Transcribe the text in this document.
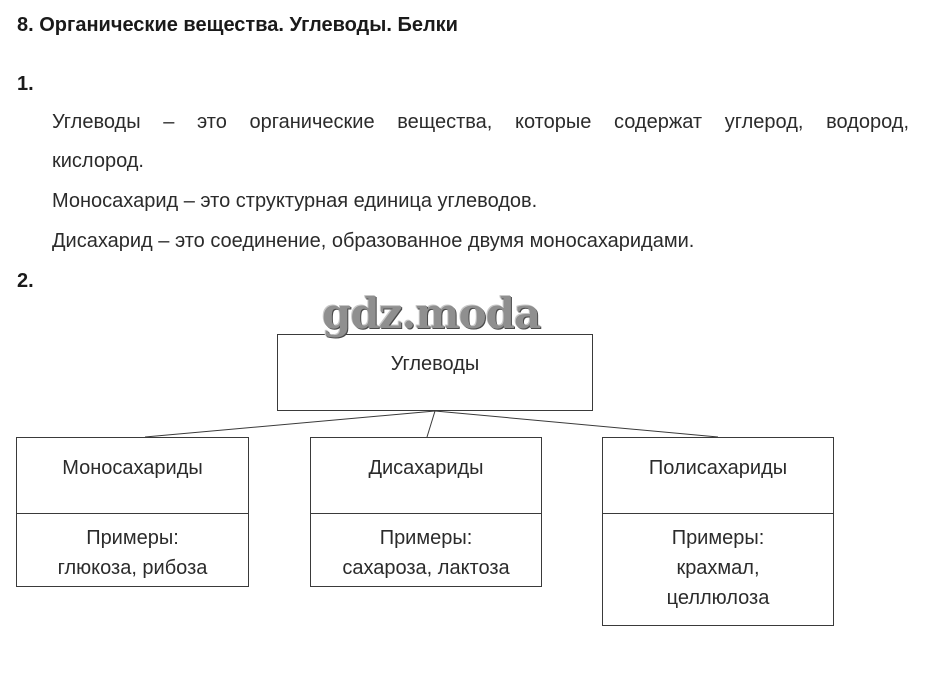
8. Органические вещества. Углеводы. Белки
1.
Углеводы – это органические вещества, которые содержат углерод, водород,
кислород.
Моносахарид – это структурная единица углеводов.
Дисахарид – это соединение, образованное двумя моносахаридами.
2.
Углеводы
gdz.moda
Моносахариды
Примеры:
глюкоза, рибоза
Дисахариды
Примеры:
сахароза, лактоза
Полисахариды
Примеры:
крахмал,
целлюлоза
